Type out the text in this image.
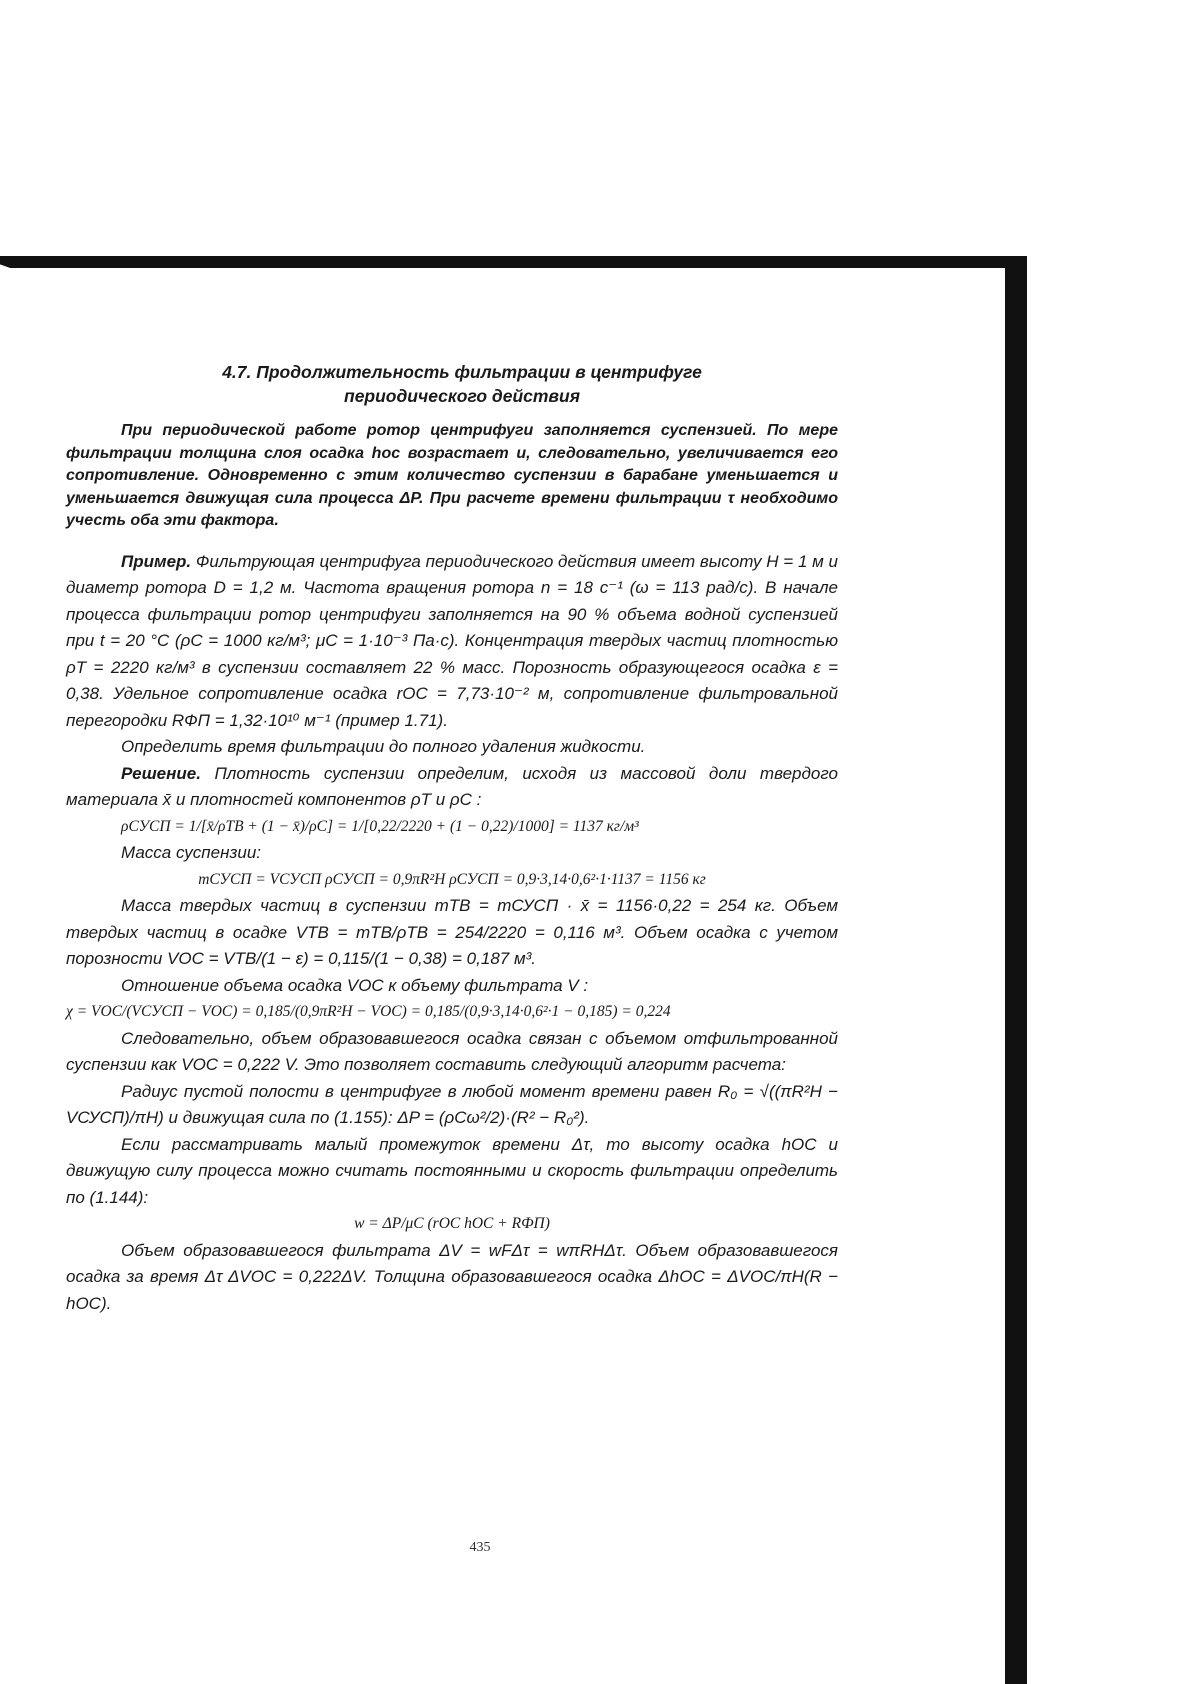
4.7. Продолжительность фильтрации в центрифуге
периодического действия

При периодической работе ротор центрифуги заполняется суспензией. По мере фильтрации толщина слоя осадка hос возрастает и, следовательно, увеличивается его сопротивление. Одновременно с этим количество суспензии в барабане уменьшается и уменьшается движущая сила процесса ΔP. При расчете времени фильтрации τ необходимо учесть оба эти фактора.

Пример. Фильтрующая центрифуга периодического действия имеет высоту H = 1 м и диаметр ротора D = 1,2 м. Частота вращения ротора n = 18 c⁻¹ (ω = 113 рад/с). В начале процесса фильтрации ротор центрифуги заполняется на 90 % объема водной суспензией при t = 20 °C (ρС = 1000 кг/м³; μС = 1·10⁻³ Па·с). Концентрация твердых частиц плотностью ρТ = 2220 кг/м³ в суспензии составляет 22 % масс. Порозность образующегося осадка ε = 0,38. Удельное сопротивление осадка rОС = 7,73·10⁻² м, сопротивление фильтровальной перегородки RФП = 1,32·10¹⁰ м⁻¹ (пример 1.71).

Определить время фильтрации до полного удаления жидкости.

Решение. Плотность суспензии определим, исходя из массовой доли твердого материала x̄ и плотностей компонентов ρТ и ρС :

ρСУСП = 1/[x̄/ρТВ + (1 − x̄)/ρС] = 1/[0,22/2220 + (1 − 0,22)/1000] = 1137 кг/м³

Масса суспензии:

mСУСП = VСУСП ρСУСП = 0,9πR²H ρСУСП = 0,9·3,14·0,6²·1·1137 = 1156 кг

Масса твердых частиц в суспензии mТВ = mСУСП · x̄ = 1156·0,22 = 254 кг. Объем твердых частиц в осадке VТВ = mТВ/ρТВ = 254/2220 = 0,116 м³. Объем осадка с учетом порозности VОС = VТВ/(1 − ε) = 0,115/(1 − 0,38) = 0,187 м³.

Отношение объема осадка VОС к объему фильтрата V :

χ = VОС/(VСУСП − VОС) = 0,185/(0,9πR²H − VОС) = 0,185/(0,9·3,14·0,6²·1 − 0,185) = 0,224

Следовательно, объем образовавшегося осадка связан с объемом отфильтрованной суспензии как VОС = 0,222 V. Это позволяет составить следующий алгоритм расчета:

Радиус пустой полости в центрифуге в любой момент времени равен R₀ = √((πR²H − VСУСП)/πH) и движущая сила по (1.155): ΔP = (ρСω²/2)·(R² − R₀²).

Если рассматривать малый промежуток времени Δτ, то высоту осадка hОС и движущую силу процесса можно считать постоянными и скорость фильтрации определить по (1.144):

w = ΔP/μС (rОС hОС + RФП)

Объем образовавшегося фильтрата ΔV = wFΔτ = wπRHΔτ. Объем образовавшегося осадка за время Δτ ΔVОС = 0,222ΔV. Толщина образовавшегося осадка ΔhОС = ΔVОС/πH(R − hОС).

435
